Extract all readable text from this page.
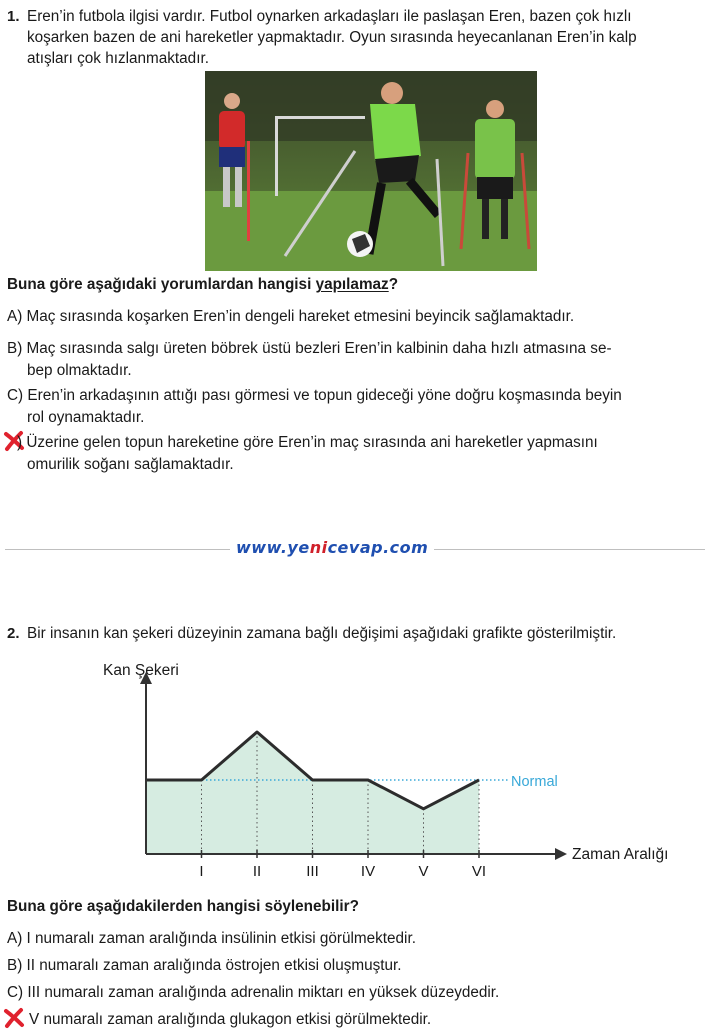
1. Eren’in futbola ilgisi vardır. Futbol oynarken arkadaşları ile paslaşan Eren, bazen çok hızlı
koşarken bazen de ani hareketler yapmaktadır. Oyun sırasında heyecanlanan Eren’in kalp
atışları çok hızlanmaktadır.
Buna göre aşağıdaki yorumlardan hangisi yapılamaz?
A) Maç sırasında koşarken Eren’in dengeli hareket etmesini beyincik sağlamaktadır.
B) Maç sırasında salgı üreten böbrek üstü bezleri Eren’in kalbinin daha hızlı atmasına se-
bep olmaktadır.
C) Eren’in arkadaşının attığı pası görmesi ve topun gideceği yöne doğru koşmasında beyin
rol oynamaktadır.
) Üzerine gelen topun hareketine göre Eren’in maç sırasında ani hareketler yapmasını
omurilik soğanı sağlamaktadır.
www.yenicevap.com
2. Bir insanın kan şekeri düzeyinin zamana bağlı değişimi aşağıdaki grafikte gösterilmiştir.
Kan Şekeri
Zaman Aralığı
Normal
I	II	III	IV	V	VI
Buna göre aşağıdakilerden hangisi söylenebilir?
A) I numaralı zaman aralığında insülinin etkisi görülmektedir.
B) II numaralı zaman aralığında östrojen etkisi oluşmuştur.
C) III numaralı zaman aralığında adrenalin miktarı en yüksek düzeydedir.
V numaralı zaman aralığında glukagon etkisi görülmektedir.
